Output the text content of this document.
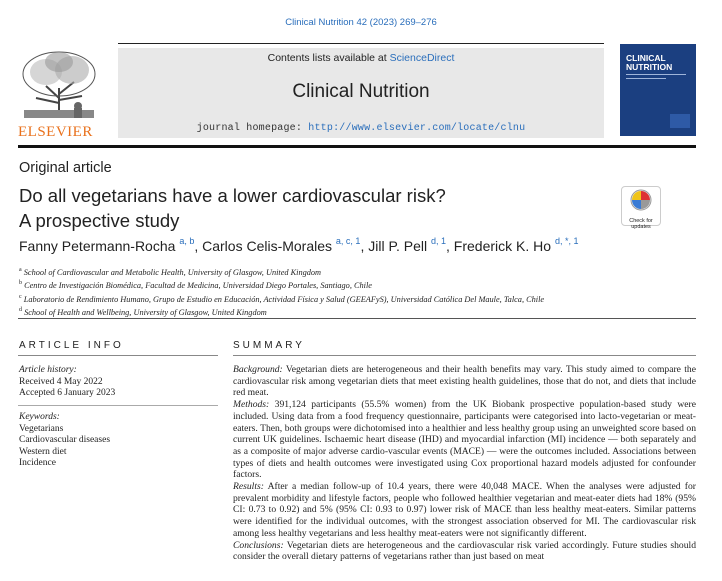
Clinical Nutrition 42 (2023) 269–276
ELSEVIER
Contents lists available at ScienceDirect
Clinical Nutrition
journal homepage: http://www.elsevier.com/locate/clnu
CLINICAL
NUTRITION
Original article
Do all vegetarians have a lower cardiovascular risk?
A prospective study	Check for updates
Fanny Petermann-Rocha $^{a, b}$, Carlos Celis-Morales $^{a, c, 1}$, Jill P. Pell $^{d, 1}$, Frederick K. Ho $^{d, *, 1}$
$^a$ School of Cardiovascular and Metabolic Health, University of Glasgow, United Kingdom
$^b$ Centro de Investigación Biomédica, Facultad de Medicina, Universidad Diego Portales, Santiago, Chile
$^c$ Laboratorio de Rendimiento Humano, Grupo de Estudio en Educación, Actividad Física y Salud (GEEAFyS), Universidad Católica Del Maule, Talca, Chile
$^d$ School of Health and Wellbeing, University of Glasgow, United Kingdom
ARTICLE INFO
Article history:
Received 4 May 2022
Accepted 6 January 2023
Keywords:
Vegetarians
Cardiovascular diseases
Western diet
Incidence
SUMMARY

Background: Vegetarian diets are heterogeneous and their health benefits may vary. This study aimed to compare the cardiovascular risk among vegetarian diets that meet existing health guidelines, those that do not, and diets that include red meat.

Methods: 391,124 participants (55.5% women) from the UK Biobank prospective population-based study were included. Using data from a food frequency questionnaire, participants were categorised into lacto-vegetarian or meat-eaters. Then, both groups were dichotomised into a healthier and less healthy group using an unweighted score based on current UK guidelines. Ischaemic heart disease (IHD) and myocardial infarction (MI) incidence — both separately and as a composite of major adverse cardio-vascular events (MACE) — were the outcomes included. Associations between types of diets and health outcomes were investigated using Cox proportional hazard models adjusted for confounder factors.

Results: After a median follow-up of 10.4 years, there were 40,048 MACE. When the analyses were adjusted for prevalent morbidity and lifestyle factors, people who followed healthier vegetarian and meat-eater diets had 18% (95% CI: 0.73 to 0.92) and 5% (95% CI: 0.93 to 0.97) lower risk of MACE than less healthy meat-eaters. Similar patterns were identified for the individual outcomes, with the strongest association observed for MI. The cardiovascular risk among less healthy vegetarians and less healthy meat-eaters were not significantly different.

Conclusions: Vegetarian diets are heterogeneous and the cardiovascular risk varied accordingly. Future studies should consider the overall dietary patterns of vegetarians rather than just based on meat
